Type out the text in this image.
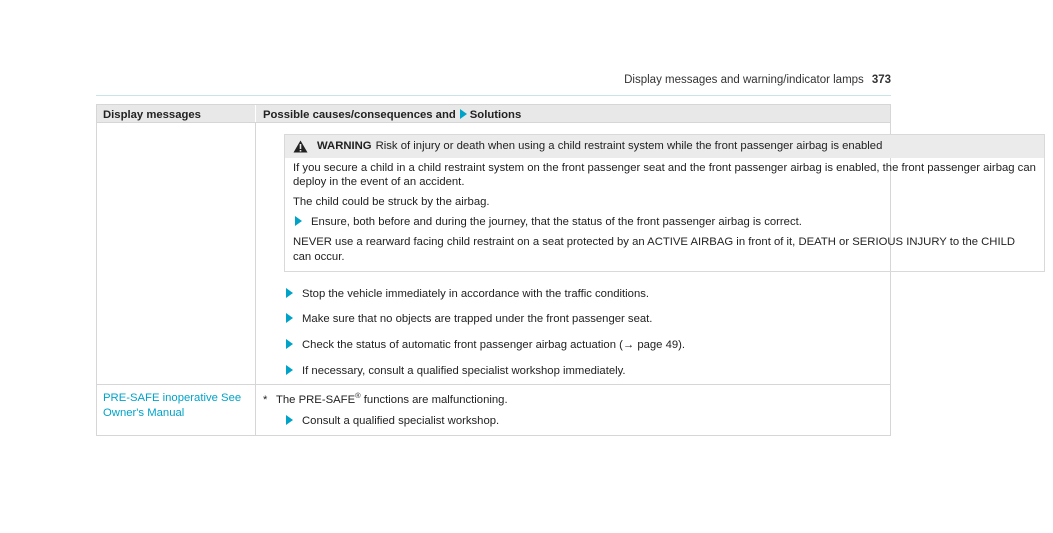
Display messages and warning/indicator lamps 373
Display messages	Possible causes/consequences and Solutions
WARNING Risk of injury or death when using a child restraint system while the front passenger airbag is enabled

If you secure a child in a child restraint system on the front passenger seat and the front passenger airbag is enabled, the front passenger airbag can deploy in the event of an accident.

The child could be struck by the airbag.

Ensure, both before and during the journey, that the status of the front passenger airbag is correct.

NEVER use a rearward facing child restraint on a seat protected by an ACTIVE AIRBAG in front of it, DEATH or SERIOUS INJURY to the CHILD can occur.

Stop the vehicle immediately in accordance with the traffic conditions.
Make sure that no objects are trapped under the front passenger seat.
Check the status of automatic front passenger airbag actuation (→ page 49).
If necessary, consult a qualified specialist workshop immediately.
PRE-SAFE inoperative See Owner's Manual
* The PRE-SAFE® functions are malfunctioning.
Consult a qualified specialist workshop.
